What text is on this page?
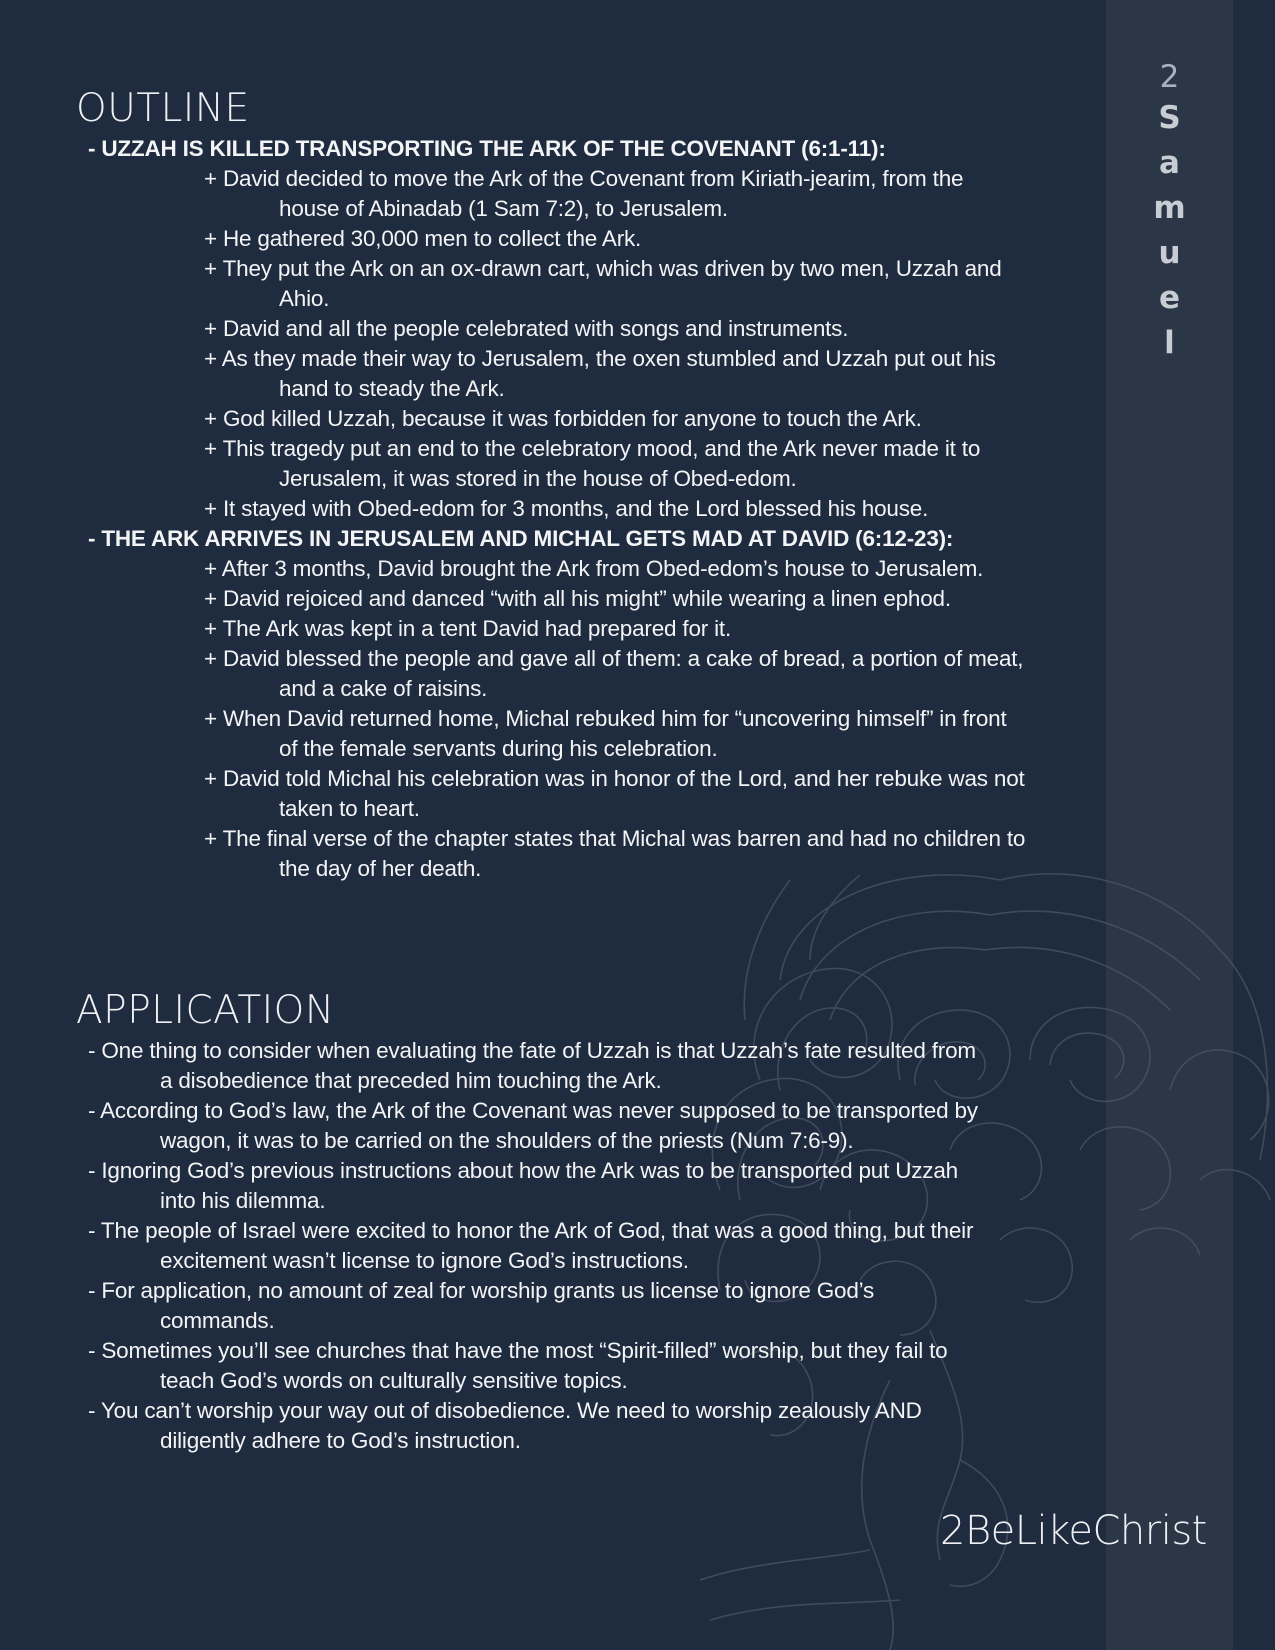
2
S
a
m
u
e
l
OUTLINE
- UZZAH IS KILLED TRANSPORTING THE ARK OF THE COVENANT (6:1-11):

+ David decided to move the Ark of the Covenant from Kiriath-jearim, from the
house of Abinadab (1 Sam 7:2), to Jerusalem.

+ He gathered 30,000 men to collect the Ark.

+ They put the Ark on an ox-drawn cart, which was driven by two men, Uzzah and
Ahio.

+ David and all the people celebrated with songs and instruments.

+ As they made their way to Jerusalem, the oxen stumbled and Uzzah put out his
hand to steady the Ark.

+ God killed Uzzah, because it was forbidden for anyone to touch the Ark.

+ This tragedy put an end to the celebratory mood, and the Ark never made it to
Jerusalem, it was stored in the house of Obed-edom.

+ It stayed with Obed-edom for 3 months, and the Lord blessed his house.

- THE ARK ARRIVES IN JERUSALEM AND MICHAL GETS MAD AT DAVID (6:12-23):

+ After 3 months, David brought the Ark from Obed-edom’s house to Jerusalem.

+ David rejoiced and danced “with all his might” while wearing a linen ephod.

+ The Ark was kept in a tent David had prepared for it.

+ David blessed the people and gave all of them: a cake of bread, a portion of meat,
and a cake of raisins.

+ When David returned home, Michal rebuked him for “uncovering himself” in front
of the female servants during his celebration.

+ David told Michal his celebration was in honor of the Lord, and her rebuke was not
taken to heart.

+ The final verse of the chapter states that Michal was barren and had no children to
the day of her death.

APPLICATION

- One thing to consider when evaluating the fate of Uzzah is that Uzzah’s fate resulted from
a disobedience that preceded him touching the Ark.

- According to God’s law, the Ark of the Covenant was never supposed to be transported by
wagon, it was to be carried on the shoulders of the priests (Num 7:6-9).

- Ignoring God’s previous instructions about how the Ark was to be transported put Uzzah
into his dilemma.

- The people of Israel were excited to honor the Ark of God, that was a good thing, but their
excitement wasn’t license to ignore God’s instructions.

- For application, no amount of zeal for worship grants us license to ignore God’s
commands.

- Sometimes you’ll see churches that have the most “Spirit-filled” worship, but they fail to
teach God’s words on culturally sensitive topics.

- You can’t worship your way out of disobedience. We need to worship zealously AND
diligently adhere to God’s instruction.

2BeLikeChrist
